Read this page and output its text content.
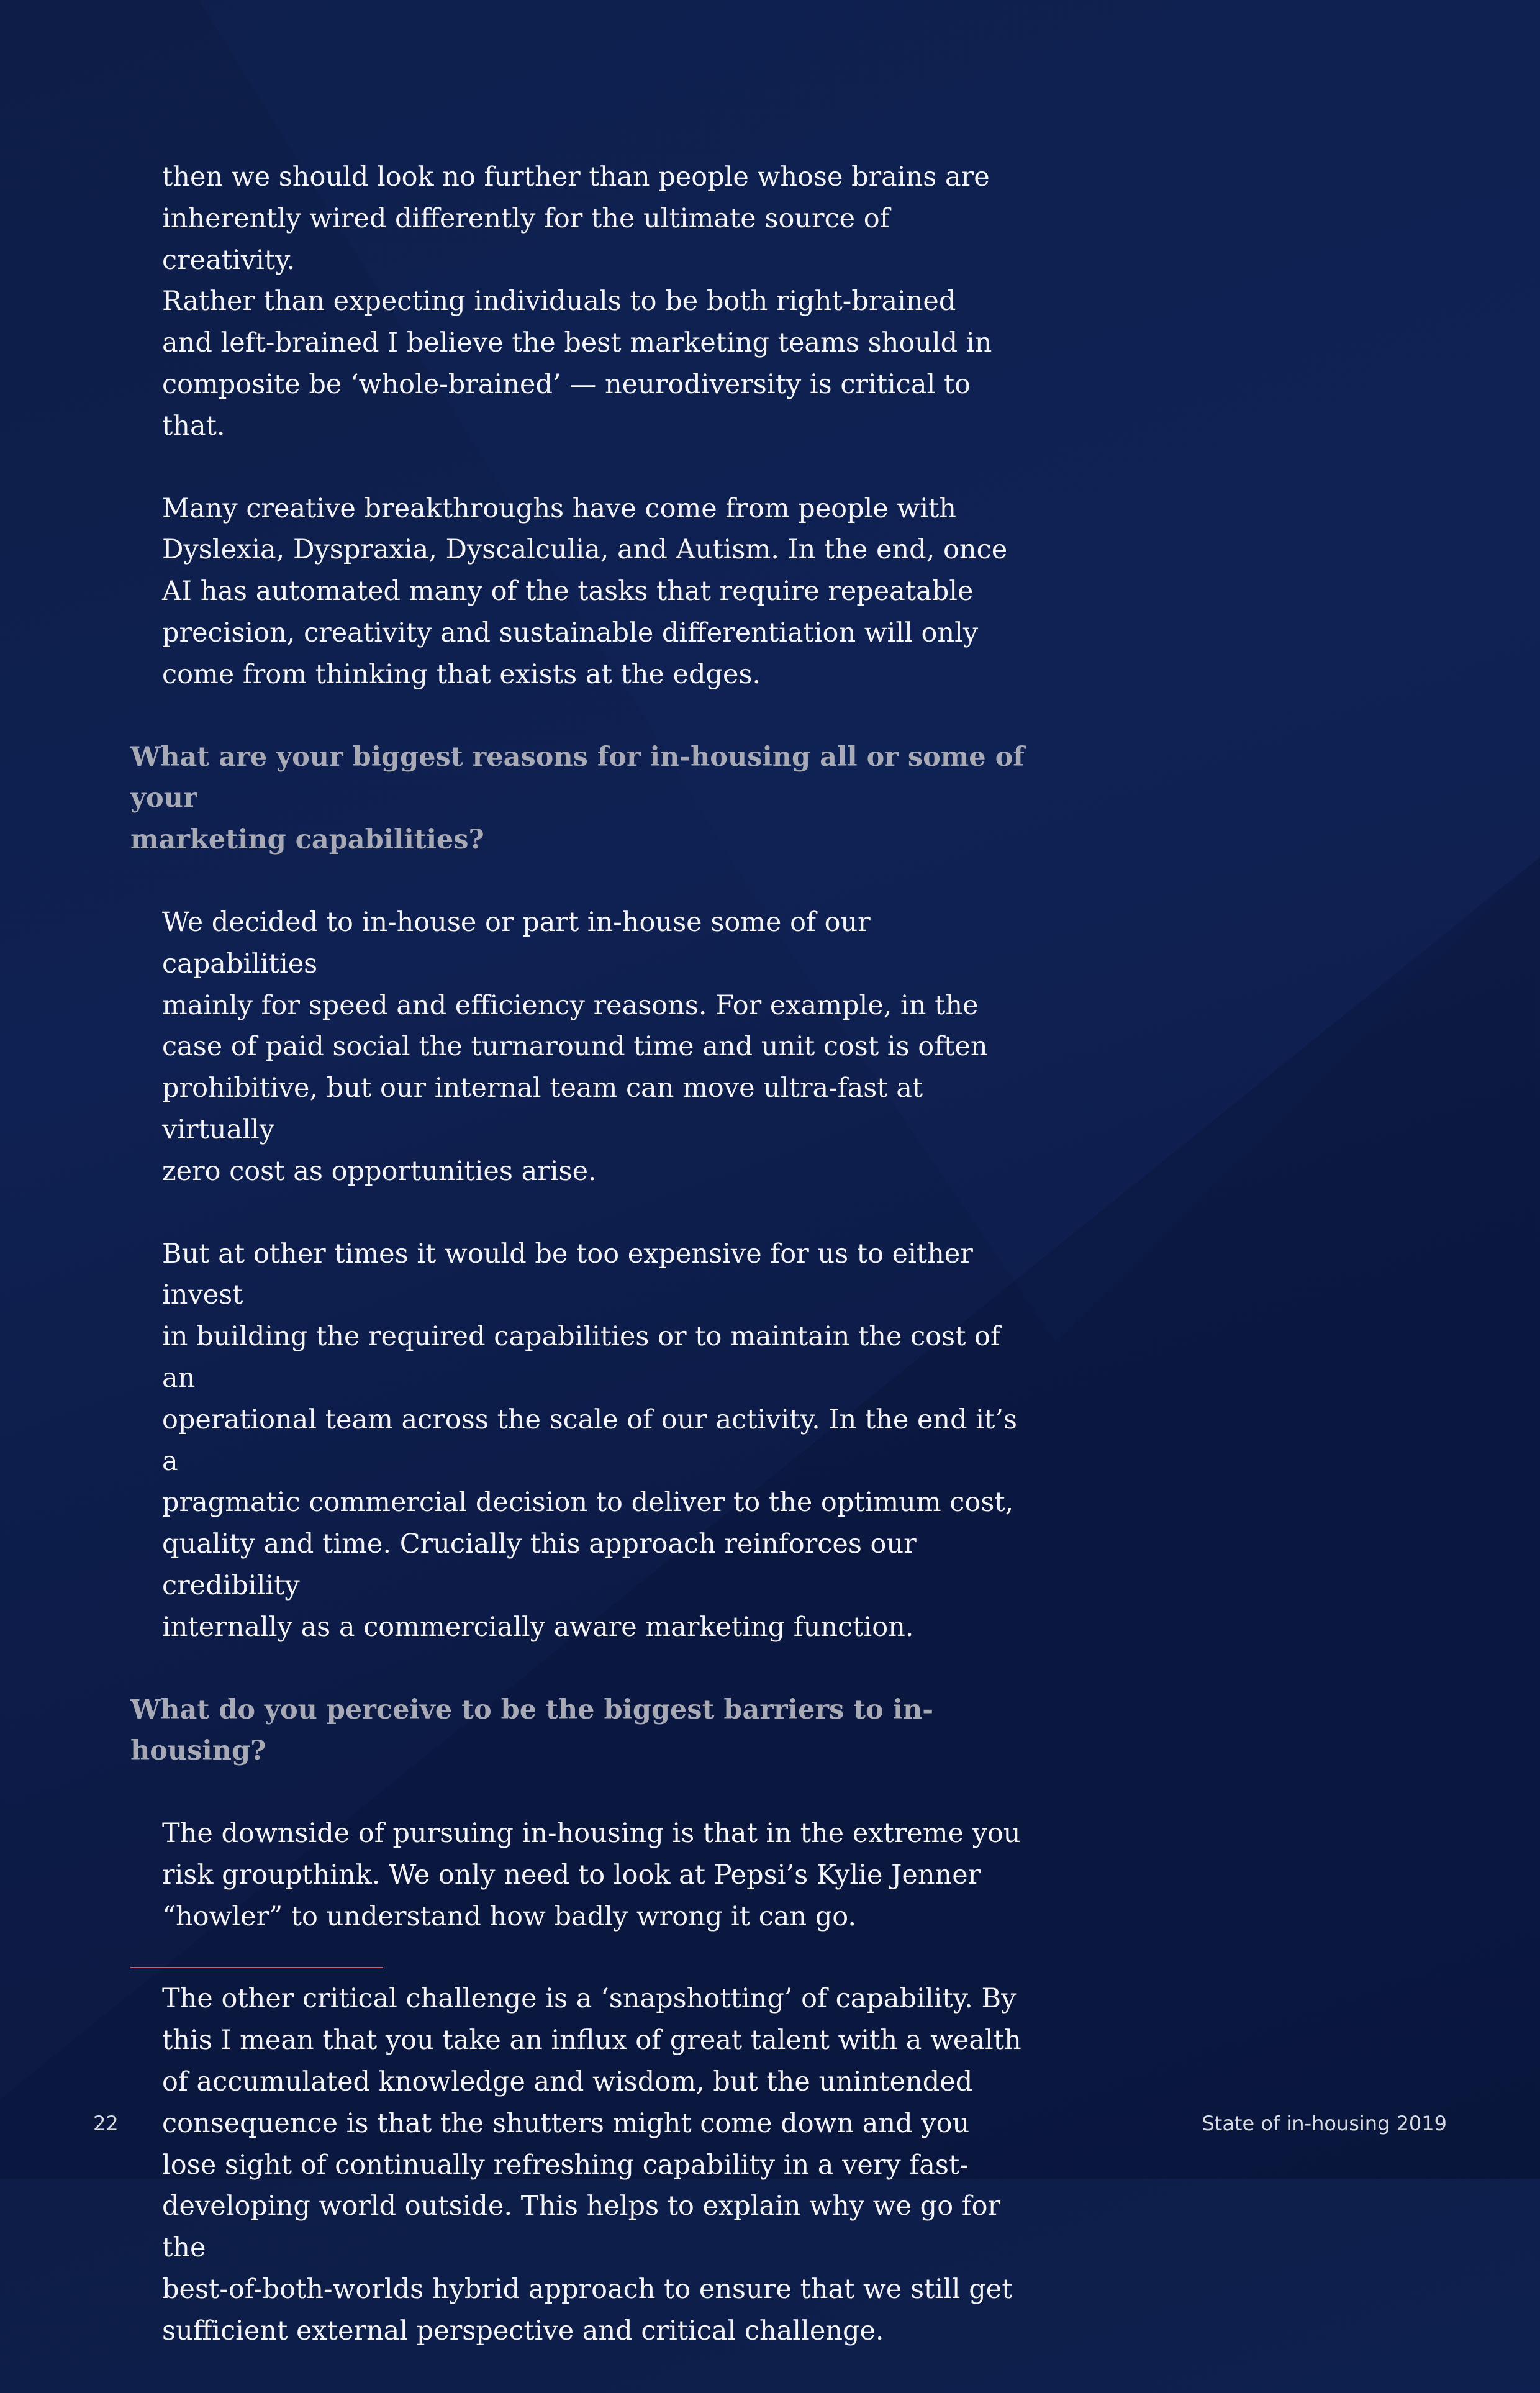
then we should look no further than people whose brains are
inherently wired differently for the ultimate source of creativity.
Rather than expecting individuals to be both right-brained
and left-brained I believe the best marketing teams should in
composite be ‘whole-brained’ — neurodiversity is critical to that.

Many creative breakthroughs have come from people with
Dyslexia, Dyspraxia, Dyscalculia, and Autism. In the end, once
AI has automated many of the tasks that require repeatable
precision, creativity and sustainable differentiation will only
come from thinking that exists at the edges.

What are your biggest reasons for in-housing all or some of your
marketing capabilities?

We decided to in-house or part in-house some of our capabilities
mainly for speed and efficiency reasons. For example, in the
case of paid social the turnaround time and unit cost is often
prohibitive, but our internal team can move ultra-fast at virtually
zero cost as opportunities arise.

But at other times it would be too expensive for us to either invest
in building the required capabilities or to maintain the cost of an
operational team across the scale of our activity. In the end it’s a
pragmatic commercial decision to deliver to the optimum cost,
quality and time. Crucially this approach reinforces our credibility
internally as a commercially aware marketing function.

What do you perceive to be the biggest barriers to in-housing?

The downside of pursuing in-housing is that in the extreme you
risk groupthink. We only need to look at Pepsi’s Kylie Jenner
“howler” to understand how badly wrong it can go.

The other critical challenge is a ‘snapshotting’ of capability. By
this I mean that you take an influx of great talent with a wealth
of accumulated knowledge and wisdom, but the unintended
consequence is that the shutters might come down and you
lose sight of continually refreshing capability in a very fast-
developing world outside. This helps to explain why we go for the
best-of-both-worlds hybrid approach to ensure that we still get
sufficient external perspective and critical challenge.

22	State of in-housing 2019
